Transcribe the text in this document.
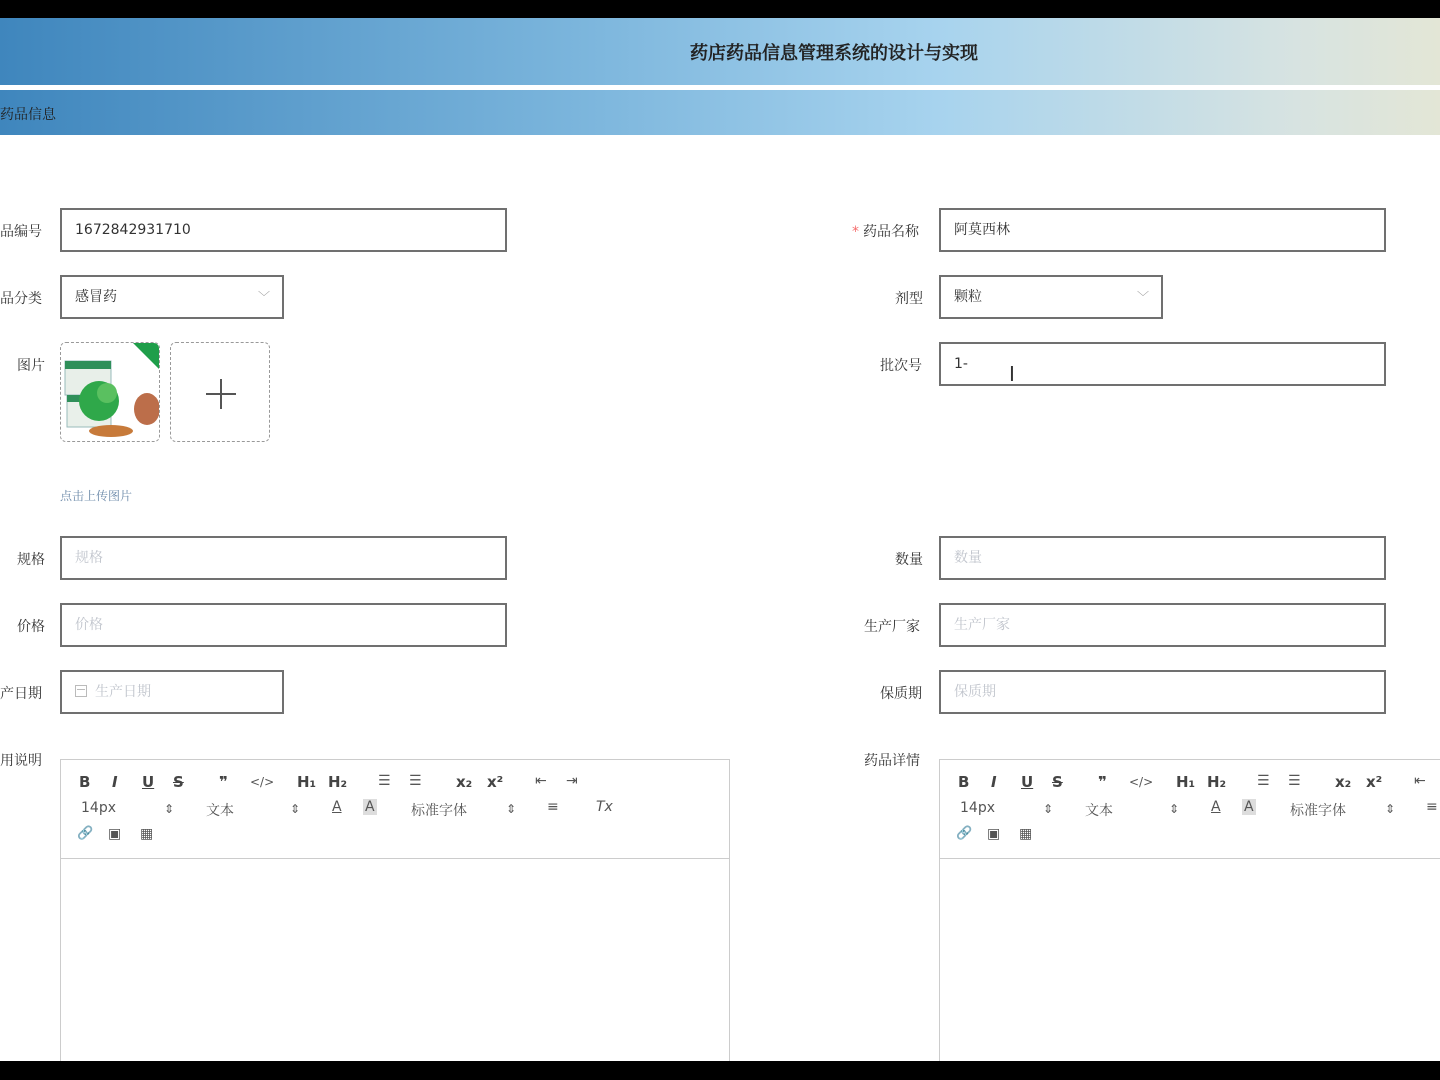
药店药品信息管理系统的设计与实现
药品信息
品编号	1672842931710	* 药品名称	阿莫西林
品分类	感冒药	﹀	剂型	颗粒	﹀
图片
点击上传图片
批次号	1-	I
规格	规格	数量	数量
价格	价格	生产厂家	生产厂家
产日期	生产日期	保质期	保质期
用说明
B I U S ❞ </> H₁ H₂ ☰ ☰ x₂ x² ⇤ ⇥
14px	⇕ 文本	⇕ A A	标准字体	⇕ ≡	Tx
🔗 ▣ ▦
药品详情
B I U S ❞ </> H₁ H₂ ☰ ☰ x₂ x² ⇤
14px	⇕ 文本	⇕ A A	标准字体	⇕ ≡
🔗 ▣ ▦
